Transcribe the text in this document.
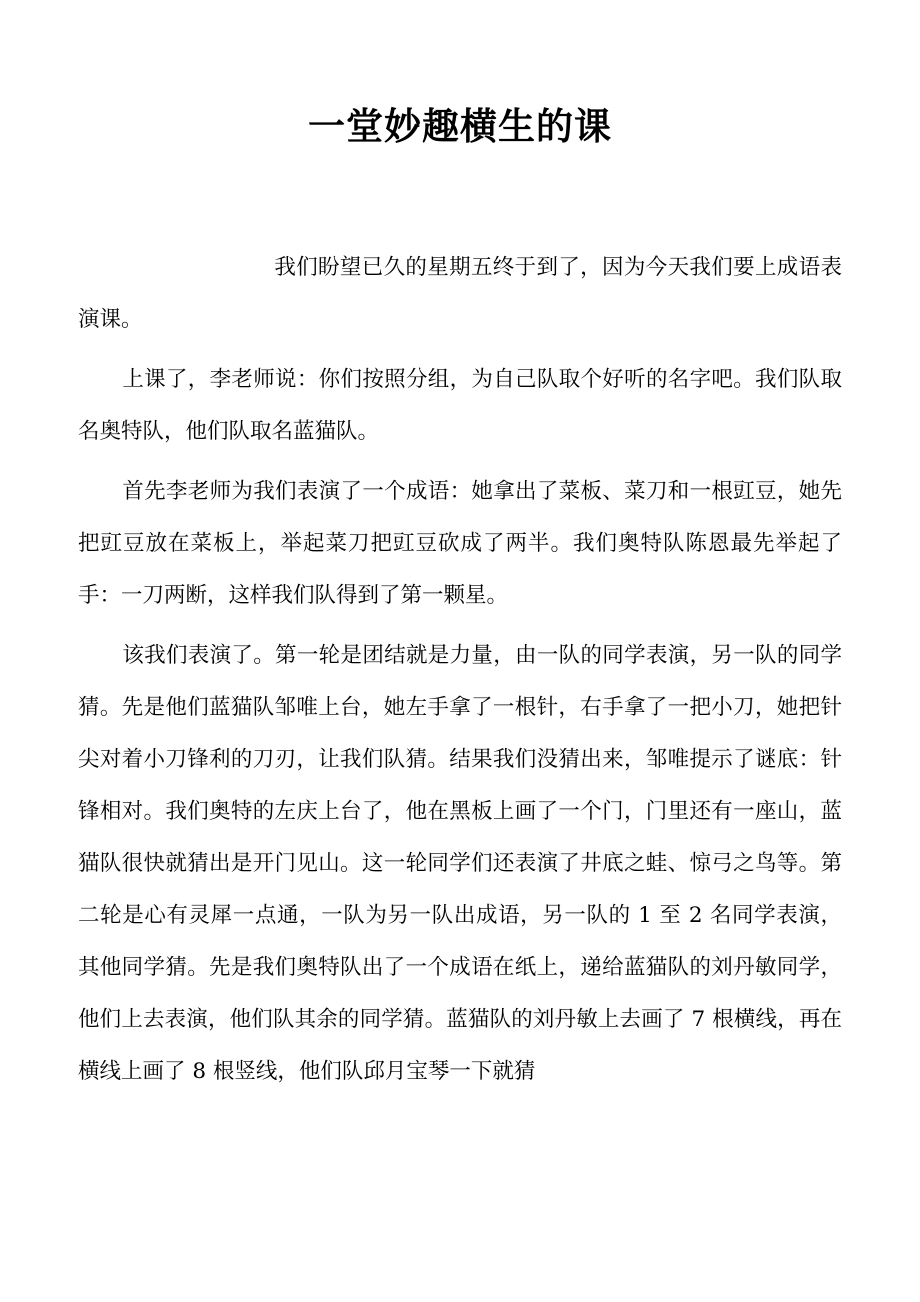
一堂妙趣横生的课

我们盼望已久的星期五终于到了，因为今天我们要上成语表演课。

上课了，李老师说：你们按照分组，为自己队取个好听的名字吧。我们队取名奥特队，他们队取名蓝猫队。

首先李老师为我们表演了一个成语：她拿出了菜板、菜刀和一根豇豆，她先把豇豆放在菜板上，举起菜刀把豇豆砍成了两半。我们奥特队陈恩最先举起了手：一刀两断，这样我们队得到了第一颗星。

该我们表演了。第一轮是团结就是力量，由一队的同学表演，另一队的同学猜。先是他们蓝猫队邹唯上台，她左手拿了一根针，右手拿了一把小刀，她把针尖对着小刀锋利的刀刃，让我们队猜。结果我们没猜出来，邹唯提示了谜底：针锋相对。我们奥特的左庆上台了，他在黑板上画了一个门，门里还有一座山，蓝猫队很快就猜出是开门见山。这一轮同学们还表演了井底之蛙、惊弓之鸟等。第二轮是心有灵犀一点通，一队为另一队出成语，另一队的 1 至 2 名同学表演，其他同学猜。先是我们奥特队出了一个成语在纸上，递给蓝猫队的刘丹敏同学，他们上去表演，他们队其余的同学猜。蓝猫队的刘丹敏上去画了 7 根横线，再在横线上画了 8 根竖线，他们队邱月宝琴一下就猜
